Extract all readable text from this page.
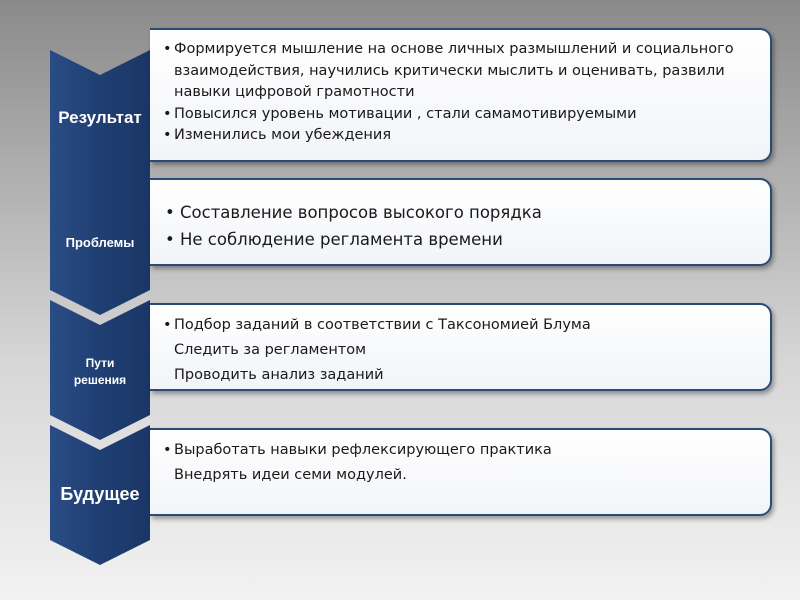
Результат
Проблемы
Пути
решения
Будущее
• Формируется мышление на основе личных размышлений и социального взаимодействия, научились критически мыслить и оценивать, развили навыки цифровой грамотности
• Повысился уровень мотивации , стали самамотивируемыми
• Изменились мои убеждения
• Составление вопросов высокого порядка
• Не соблюдение регламента времени
• Подбор заданий в соответствии с Таксономией Блума
Следить за регламентом
Проводить анализ заданий
• Выработать навыки рефлексирующего практика
Внедрять идеи семи модулей.
